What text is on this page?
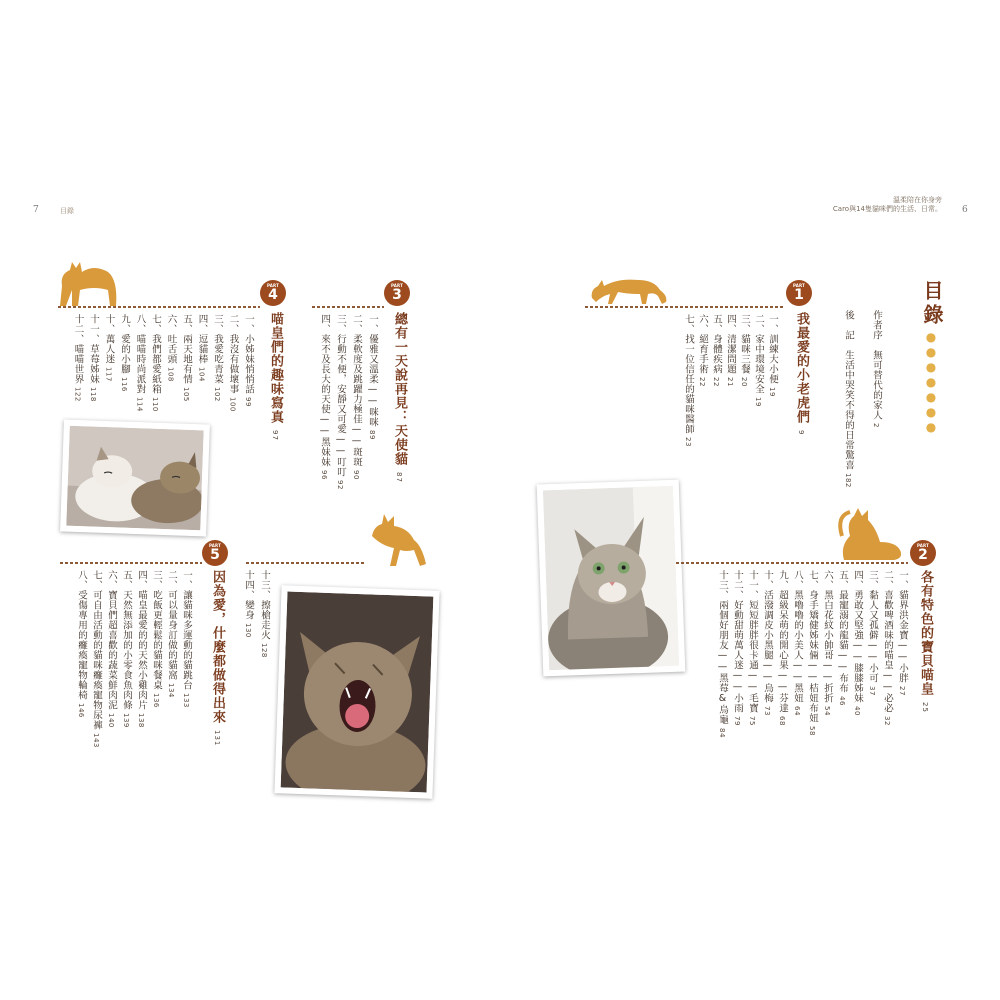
7	目錄	6
溫柔陪在你身旁
Caro與14隻貓咪們的生活、日常。
目錄
●
●
●
●
●
●
●
作者序　無可替代的家人2
後　記　生活中哭笑不得的日常驚喜182
PART
1
我最愛的小老虎們9
一、訓練大小便19
二、家中環境安全19
三、貓咪三餐20
四、清潔問題21
五、身體疾病22
六、絕育手術22
七、找一位信任的貓咪醫師23
PART
2
各有特色的寶貝喵皇25
一、貓界洪金寶——小胖27
二、喜歡啤酒味的喵皇——必必32
三、黏人又孤僻——小可37
四、勇敢又堅強——膝膝姊妹40
五、最寵溺的龍貓——布布46
六、黑白花紋小帥哥——折折54
七、身手矯健姊妹倆——桔妞布妞58
八、黑嚕嚕的小美人——黑妞64
九、超級呆萌的開心果——芬達68
十、活潑調皮小黑腿——烏梅73
十一、短短胖胖很卡通——毛寶75
十二、好動甜萌萬人迷——小雨79
十三、兩個好朋友——黑莓&烏龜84
PART
4
喵皇們的趣味寫真97
一、小姊妹悄悄話99
二、我沒有做壞事100
三、我愛吃青菜102
四、逗貓棒104
五、兩天地有情105
六、吐舌頭108
七、我們都愛紙箱110
八、喵喵時尚派對114
九、愛的小腳116
十、萬人迷117
十一、草莓姊妹118
十二、喵喵世界122
十三、擦槍走火128
十四、變身130
PART
3
總有一天說再見：天使貓87
一、優雅又溫柔——咪咪89
二、柔軟度及跳躍力極佳——斑斑90
三、行動不便，安靜又可愛——叮叮92
四、來不及長大的天使——黑妹妹96
PART
5
因為愛，什麼都做得出來131
一、讓貓咪多運動的貓跳台133
二、可以量身訂做的貓窩134
三、吃飯更輕鬆的貓咪餐桌136
四、喵皇最愛的的天然小雞肉片138
五、天然無添加的小零食魚肉條139
六、寶貝們超喜歡的蔬菜鮮肉泥140
七、可自由活動的貓咪癱瘓寵物尿褲143
八、受傷專用的癱瘓寵物輪椅146
